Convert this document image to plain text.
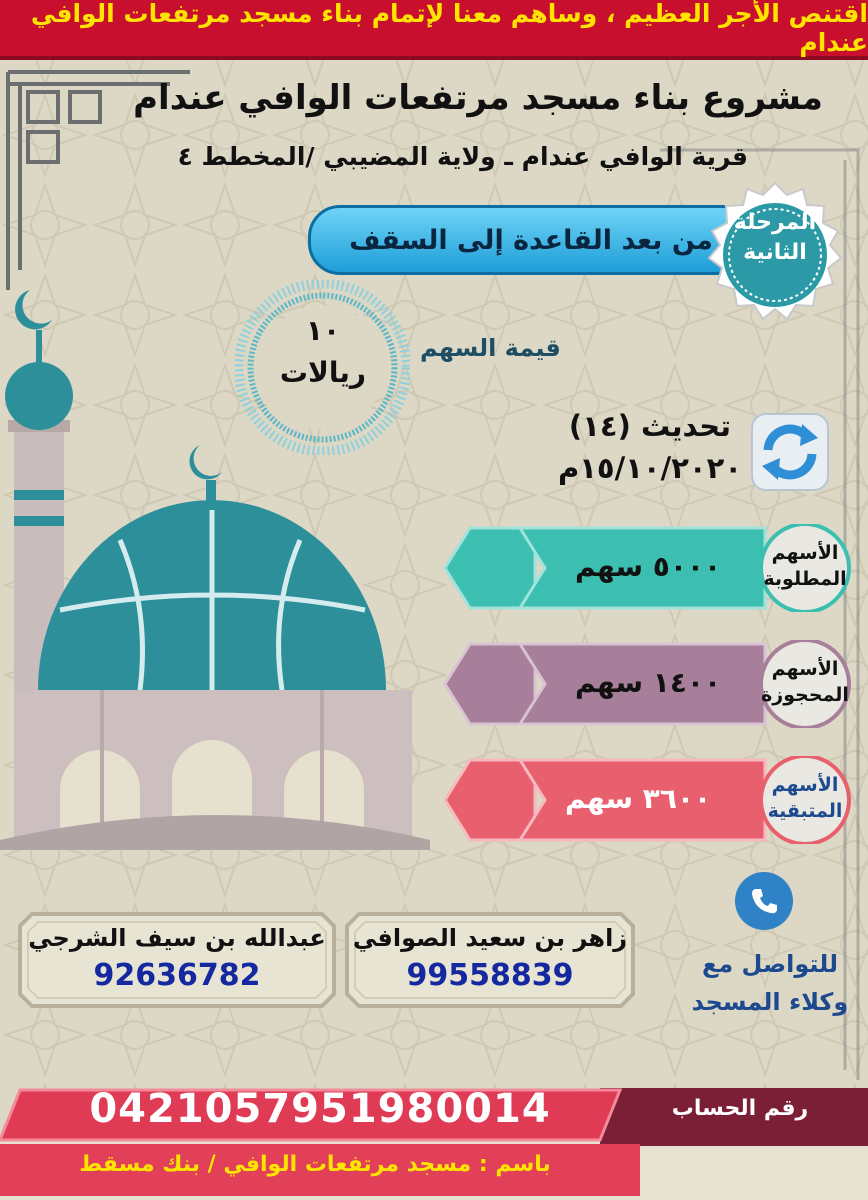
اقتنص الأجر العظيم ، وساهم معنا لإتمام بناء مسجد مرتفعات الوافي عندام
مشروع بناء مسجد مرتفعات الوافي عندام
قرية الوافي عندام ـ ولاية المضيبي /المخطط ٤
من بعد القاعدة إلى السقف
المرحلة
الثانية
١٠
ريالات
قيمة السهم
تحديث (١٤)
١٥/١٠/٢٠٢٠م
٥٠٠٠ سهم	الأسهم
المطلوبة
١٤٠٠ سهم	الأسهم
المحجوزة
٣٦٠٠ سهم	الأسهم
المتبقية
عبدالله بن سيف الشرجي
92636782
زاهر بن سعيد الصوافي
99558839	للتواصل مع
وكلاء المسجد
رقم الحساب
0421057951980014
باسم : مسجد مرتفعات الوافي / بنك مسقط
